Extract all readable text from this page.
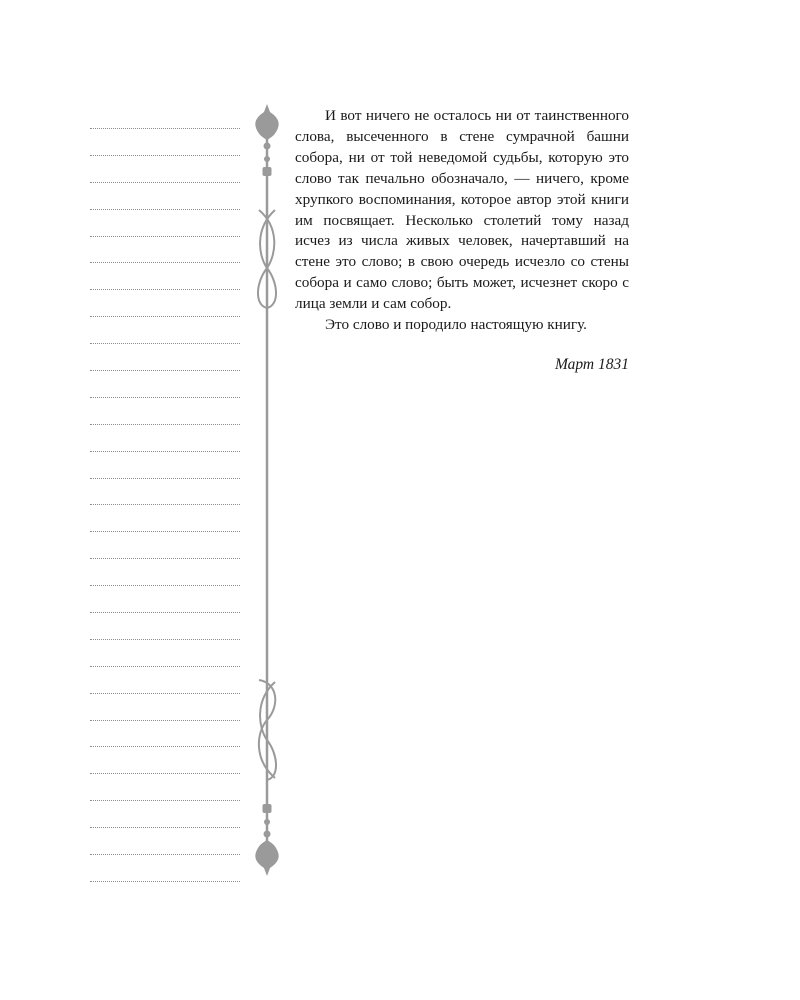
И вот ничего не осталось ни от таинственного слова, высеченного в стене сумрачной башни собора, ни от той неведомой судьбы, которую это слово так печально обозначало, — ничего, кроме хрупкого воспоминания, которое автор этой книги им посвящает. Несколько столетий тому назад исчез из числа живых человек, начертавший на стене это слово; в свою очередь исчезло со стены собора и само слово; быть может, исчезнет скоро с лица земли и сам собор.

Это слово и породило настоящую книгу.

Март 1831
